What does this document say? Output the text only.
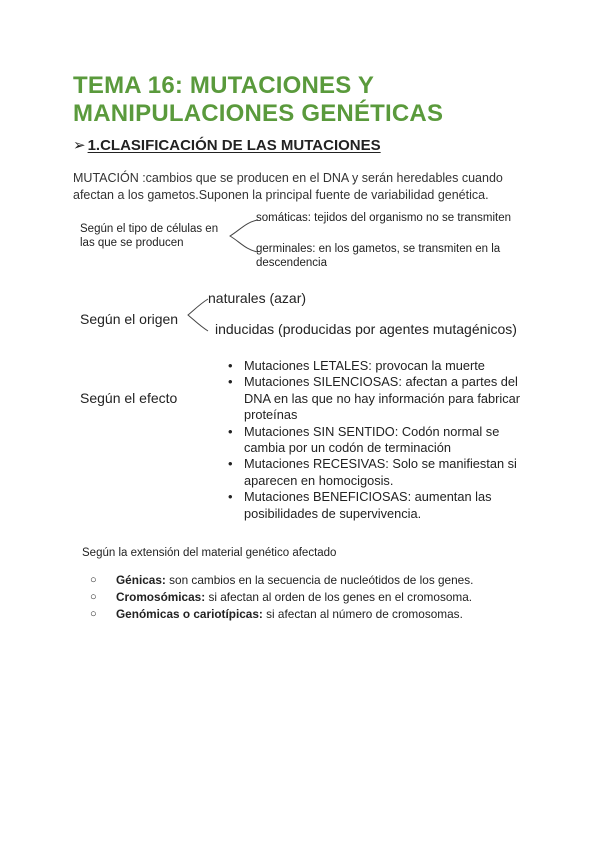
TEMA 16: MUTACIONES Y MANIPULACIONES GENÉTICAS
➢ 1.CLASIFICACIÓN DE LAS MUTACIONES
MUTACIÓN :cambios que se producen en el DNA y serán heredables cuando afectan a los gametos.Suponen la principal fuente de variabilidad genética.
Según el tipo de células en las que se producen
somáticas: tejidos del organismo no se transmiten
germinales: en los gametos, se transmiten en la descendencia
Según el origen
naturales (azar)
inducidas (producidas por agentes mutagénicos)
Según el efecto
• Mutaciones LETALES: provocan la muerte
• Mutaciones SILENCIOSAS: afectan a partes del DNA en las que no hay información para fabricar proteínas
• Mutaciones SIN SENTIDO: Codón normal se cambia por un codón de terminación
• Mutaciones RECESIVAS: Solo se manifiestan si aparecen en homocigosis.
• Mutaciones BENEFICIOSAS: aumentan las posibilidades de supervivencia.
Según la extensión del material genético afectado
○ Génicas: son cambios en la secuencia de nucleótidos de los genes.
○ Cromosómicas: si afectan al orden de los genes en el cromosoma.
○ Genómicas o cariotípicas: si afectan al número de cromosomas.
